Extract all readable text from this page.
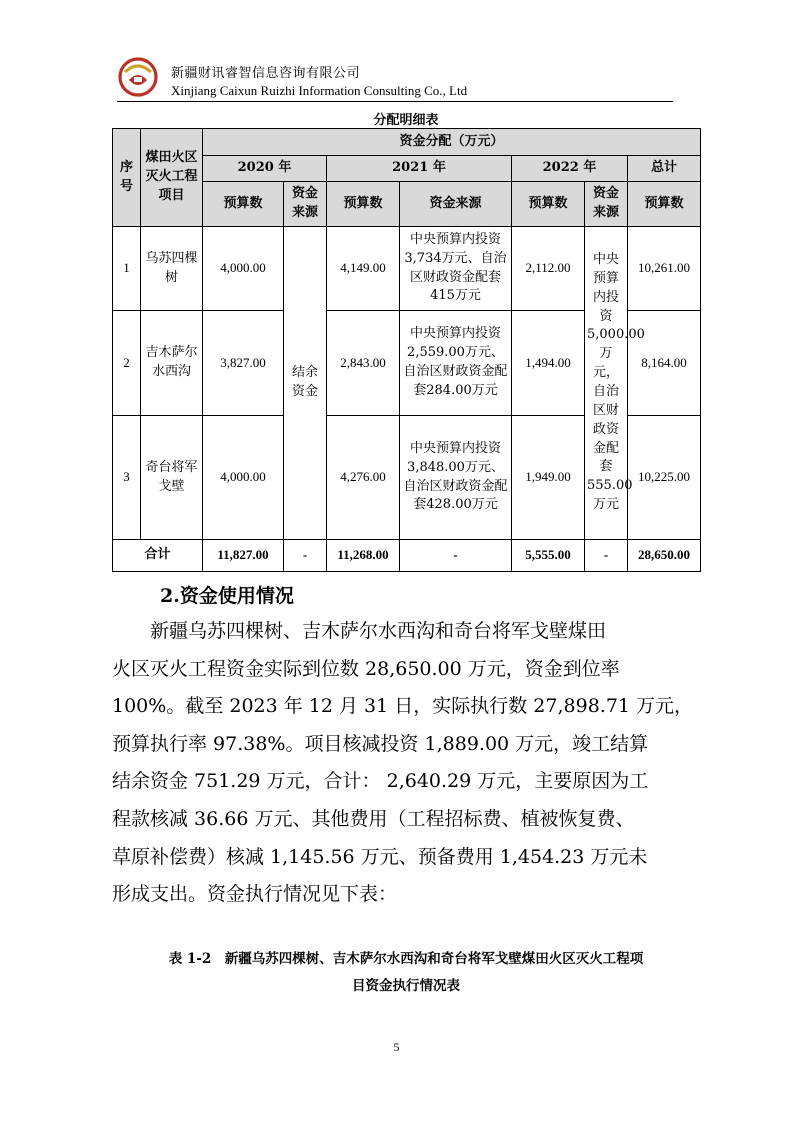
新疆财讯睿智信息咨询有限公司
Xinjiang Caixun Ruizhi Information Consulting Co., Ltd
分配明细表
序号	煤田火区灭火工程项目	资金分配（万元）						
		2020 年		2021 年		2022 年		总计
		预算数	资金来源	预算数	资金来源	预算数	资金来源	预算数
1	乌苏四棵树	4,000.00	结余资金	4,149.00	中央预算内投资3,734万元、自治区财政资金配套415万元	2,112.00	中央预算内投资5,000.00万元，自治区财政资金配套555.00万元	10,261.00
2	吉木萨尔水西沟	3,827.00		2,843.00	中央预算内投资2,559.00万元、自治区财政资金配套284.00万元	1,494.00		8,164.00
3	奇台将军戈壁	4,000.00		4,276.00	中央预算内投资3,848.00万元、自治区财政资金配套428.00万元	1,949.00		10,225.00
合计		11,827.00	-	11,268.00	-	5,555.00	-	28,650.00
2.资金使用情况
新疆乌苏四棵树、吉木萨尔水西沟和奇台将军戈壁煤田
火区灭火工程资金实际到位数 28,650.00 万元，资金到位率
100%。截至 2023 年 12 月 31 日，实际执行数 27,898.71 万元，
预算执行率 97.38%。项目核减投资 1,889.00 万元，竣工结算
结余资金 751.29 万元，合计： 2,640.29 万元，主要原因为工
程款核减 36.66 万元、其他费用（工程招标费、植被恢复费、
草原补偿费）核减 1,145.56 万元、预备费用 1,454.23 万元未
形成支出。资金执行情况见下表：
表 1-2　新疆乌苏四棵树、吉木萨尔水西沟和奇台将军戈壁煤田火区灭火工程项
目资金执行情况表
5
